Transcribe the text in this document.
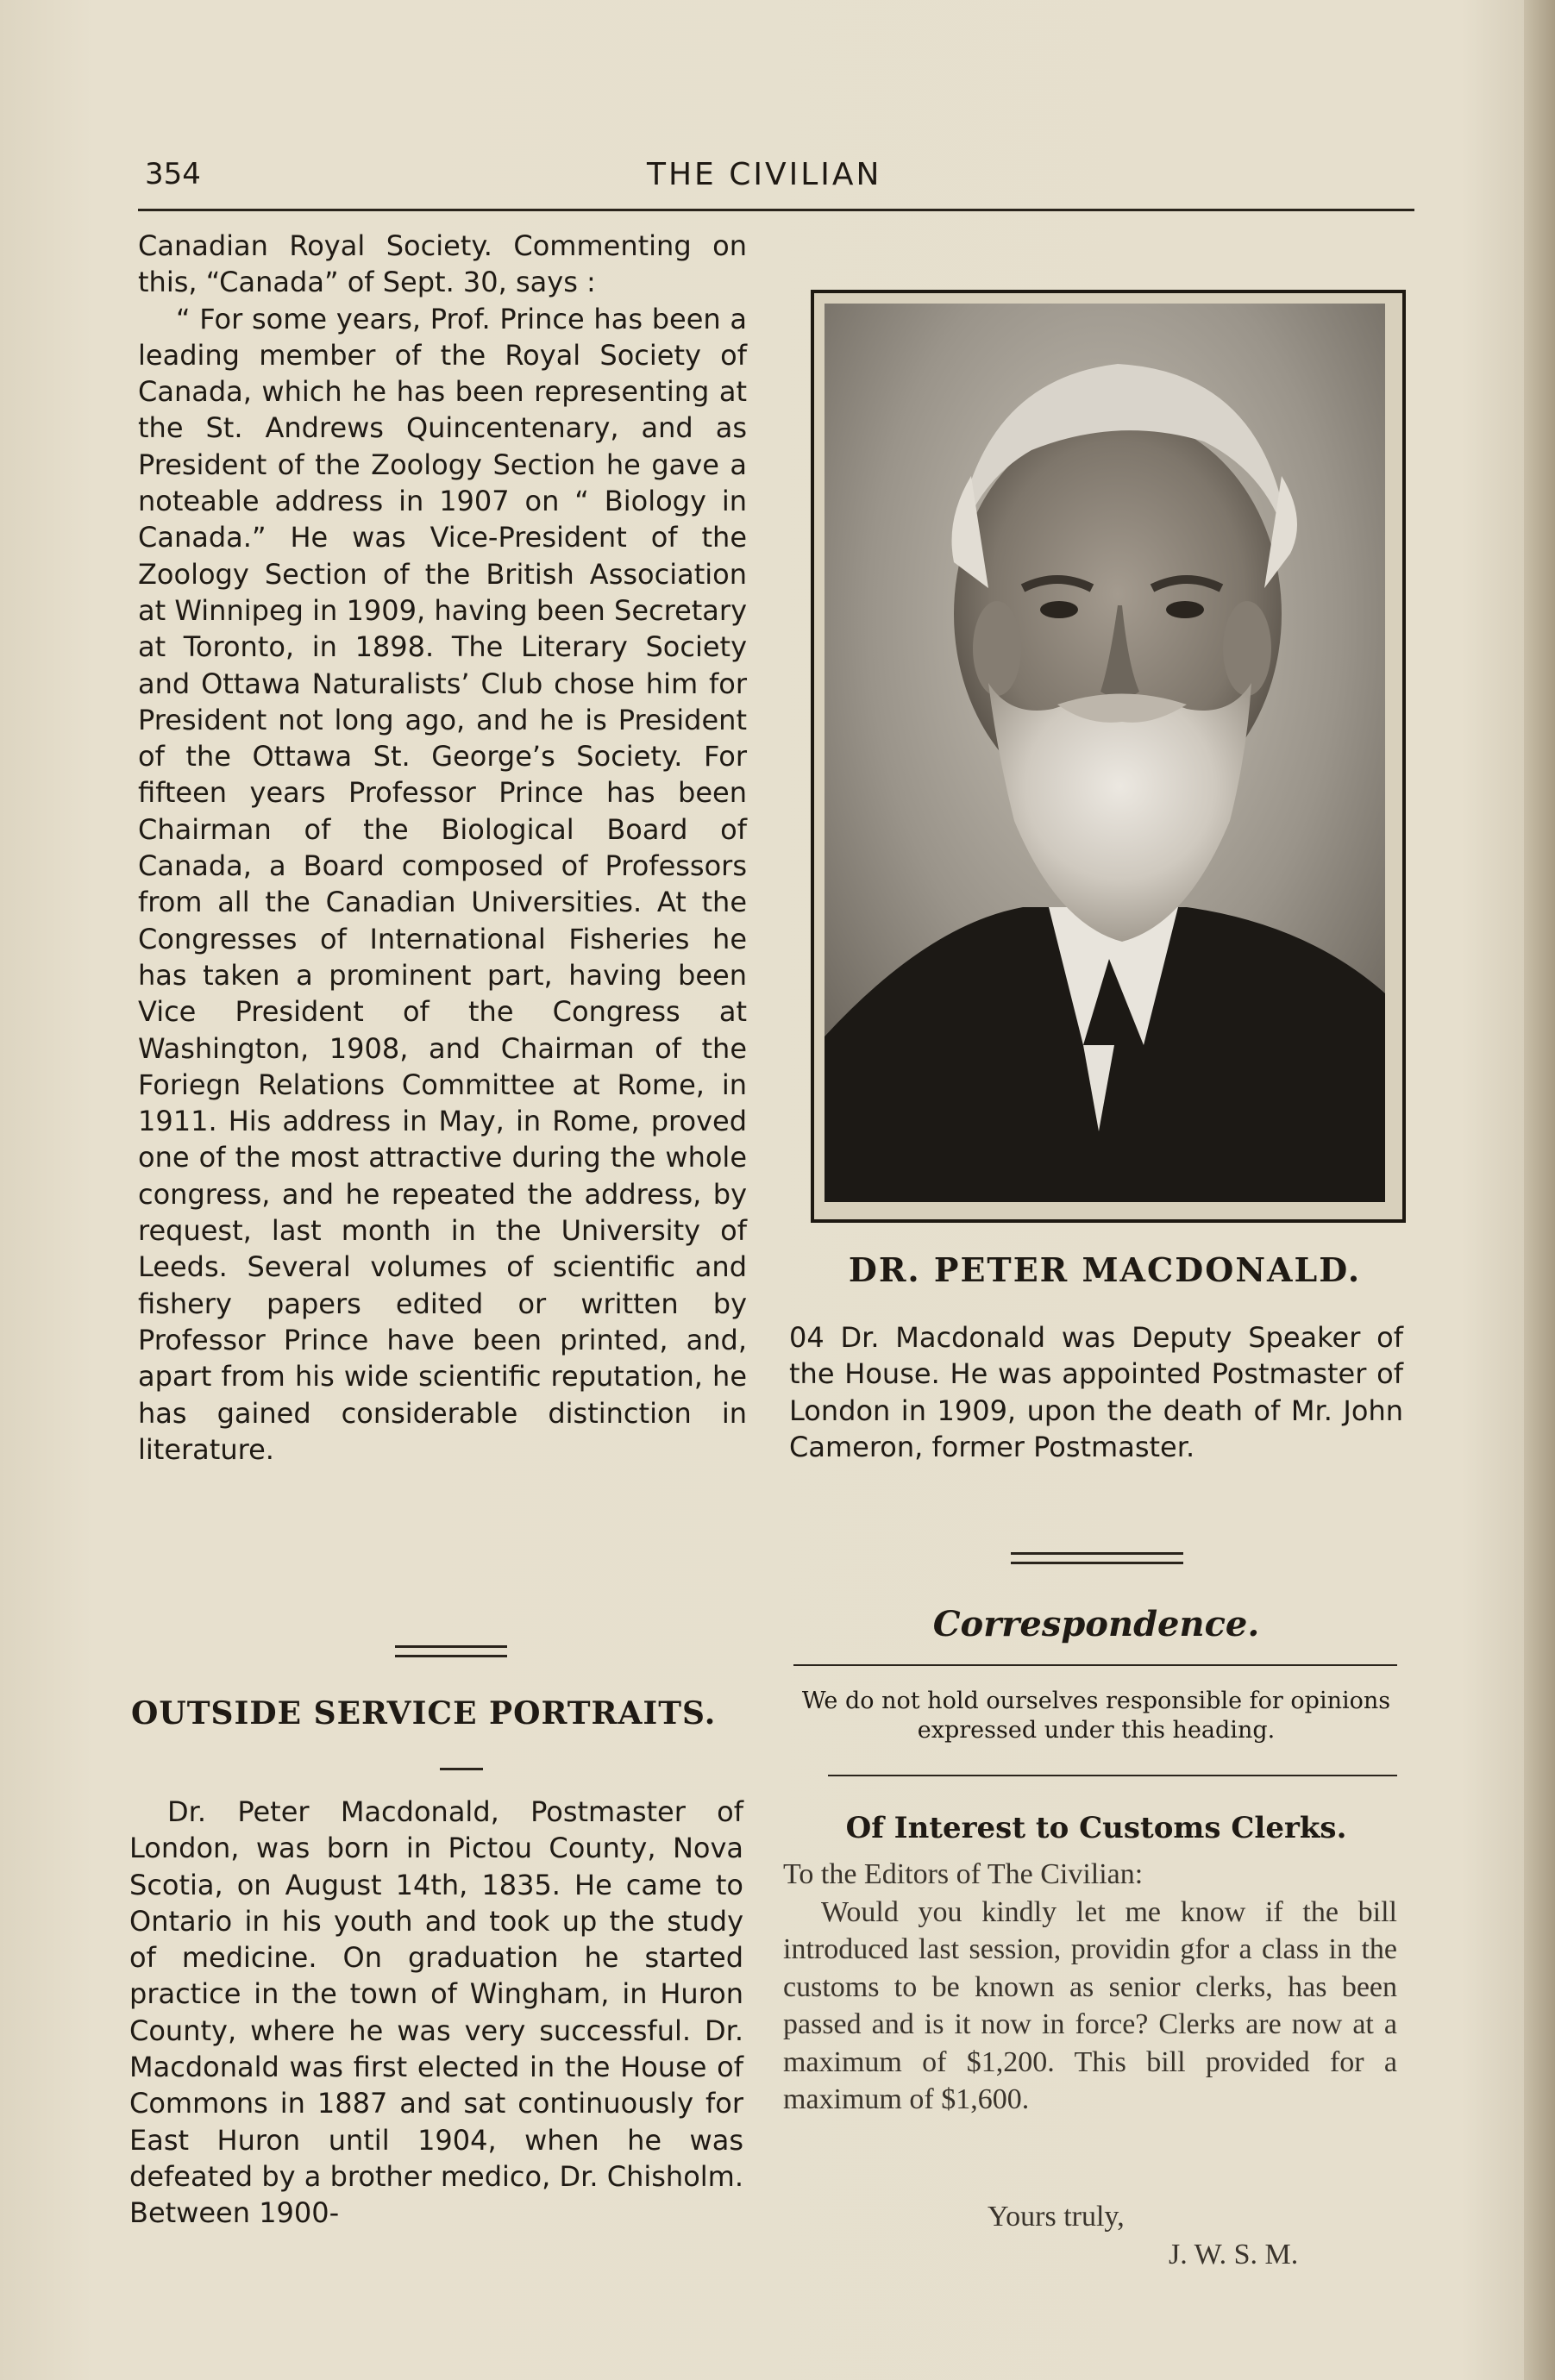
354	THE CIVILIAN

Canadian Royal Society. Commenting on this, “Canada” of Sept. 30, says :

“ For some years, Prof. Prince has been a leading member of the Royal Society of Canada, which he has been representing at the St. Andrews Quincentenary, and as President of the Zoology Section he gave a noteable address in 1907 on “ Biology in Canada.” He was Vice-President of the Zoology Section of the British Association at Winnipeg in 1909, having been Secretary at Toronto, in 1898. The Literary Society and Ottawa Naturalists’ Club chose him for President not long ago, and he is President of the Ottawa St. George’s Society. For fifteen years Professor Prince has been Chairman of the Biological Board of Canada, a Board composed of Professors from all the Canadian Universities. At the Congresses of International Fisheries he has taken a prominent part, having been Vice President of the Congress at Washington, 1908, and Chairman of the Foriegn Relations Committee at Rome, in 1911. His address in May, in Rome, proved one of the most attractive during the whole congress, and he repeated the address, by request, last month in the University of Leeds. Several volumes of scientific and fishery papers edited or written by Professor Prince have been printed, and, apart from his wide scientific reputation, he has gained considerable distinction in literature.

OUTSIDE SERVICE PORTRAITS.

Dr. Peter Macdonald, Postmaster of London, was born in Pictou County, Nova Scotia, on August 14th, 1835. He came to Ontario in his youth and took up the study of medicine. On graduation he started practice in the town of Wingham, in Huron County, where he was very successful. Dr. Macdonald was first elected in the House of Commons in 1887 and sat continuously for East Huron until 1904, when he was defeated by a brother medico, Dr. Chisholm. Between 1900-

DR. PETER MACDONALD.

04 Dr. Macdonald was Deputy Speaker of the House. He was appointed Postmaster of London in 1909, upon the death of Mr. John Cameron, former Postmaster.

Correspondence.
We do not hold ourselves responsible for opinions expressed under this heading.
Of Interest to Customs Clerks.

To the Editors of The Civilian:

Would you kindly let me know if the bill introduced last session, providin gfor a class in the customs to be known as senior clerks, has been passed and is it now in force? Clerks are now at a maximum of $1,200. This bill provided for a maximum of $1,600.

Yours truly,
J. W. S. M.
